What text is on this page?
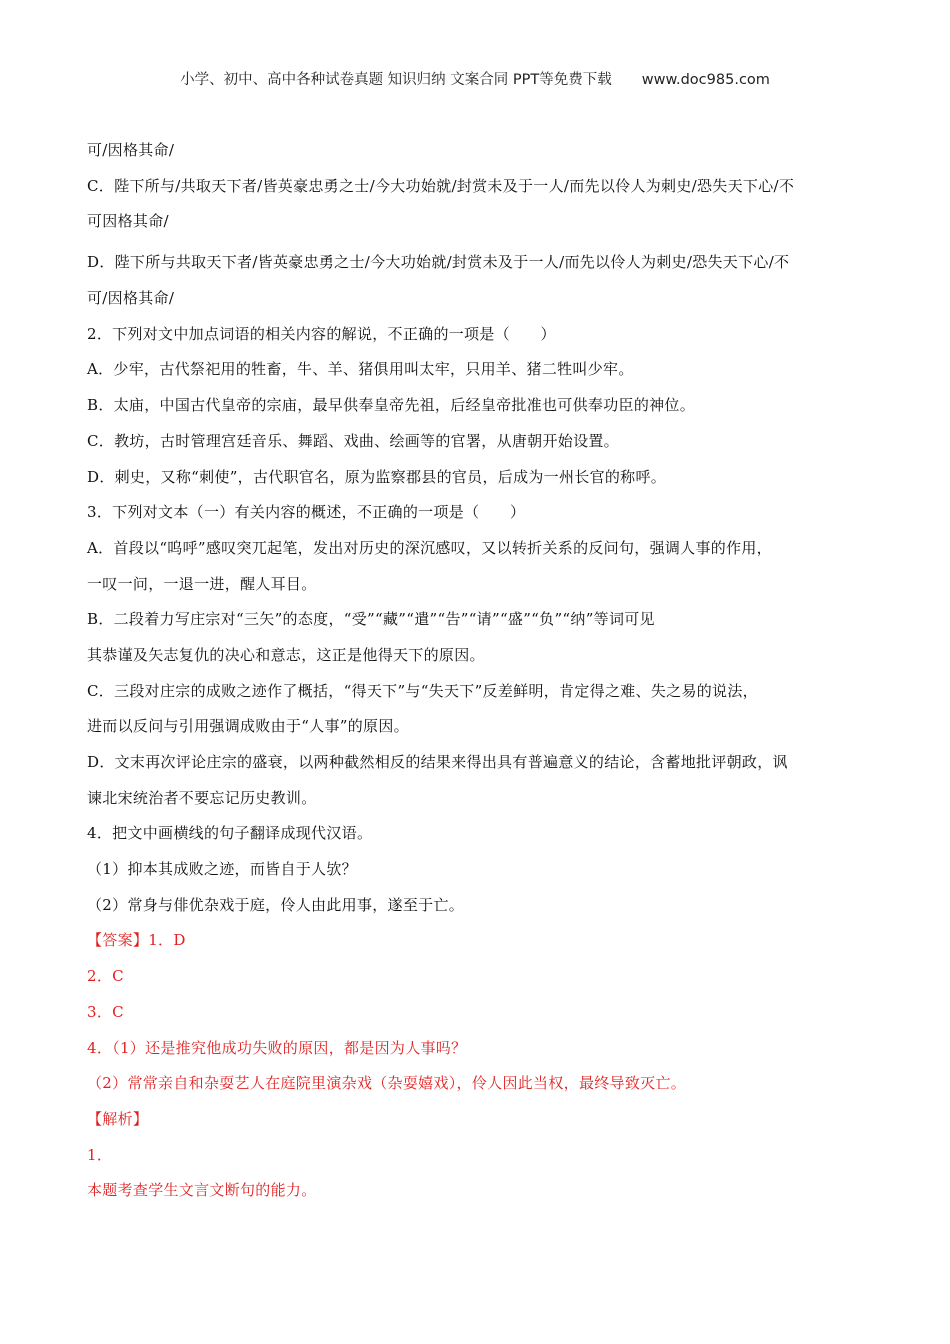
小学、初中、高中各种试卷真题 知识归纳 文案合同 PPT等免费下载 www.doc985.com
可/因格其命/
C．陛下所与/共取天下者/皆英豪忠勇之士/今大功始就/封赏未及于一人/而先以伶人为刺史/恐失天下心/不
可因格其命/
D．陛下所与共取天下者/皆英豪忠勇之士/今大功始就/封赏未及于一人/而先以伶人为刺史/恐失天下心/不
可/因格其命/
2．下列对文中加点词语的相关内容的解说，不正确的一项是（　　）
A．少牢，古代祭祀用的牲畜，牛、羊、猪俱用叫太牢，只用羊、猪二牲叫少牢。
B．太庙，中国古代皇帝的宗庙，最早供奉皇帝先祖，后经皇帝批准也可供奉功臣的神位。
C．教坊，古时管理宫廷音乐、舞蹈、戏曲、绘画等的官署，从唐朝开始设置。
D．刺史，又称“刺使”，古代职官名，原为监察郡县的官员，后成为一州长官的称呼。
3．下列对文本（一）有关内容的概述，不正确的一项是（　　）
A．首段以“呜呼”感叹突兀起笔，发出对历史的深沉感叹，又以转折关系的反问句，强调人事的作用，
一叹一问，一退一进，醒人耳目。
B．二段着力写庄宗对“三矢”的态度，“受”“藏”“遣”“告”“请”“盛”“负”“纳”等词可见
其恭谨及矢志复仇的决心和意志，这正是他得天下的原因。
C．三段对庄宗的成败之迹作了概括，“得天下”与“失天下”反差鲜明，肯定得之难、失之易的说法，
进而以反问与引用强调成败由于“人事”的原因。
D．文末再次评论庄宗的盛衰，以两种截然相反的结果来得出具有普遍意义的结论，含蓄地批评朝政，讽
谏北宋统治者不要忘记历史教训。
4．把文中画横线的句子翻译成现代汉语。
（1）抑本其成败之迹，而皆自于人欤？
（2）常身与俳优杂戏于庭，伶人由此用事，遂至于亡。
【答案】1．D
2．C
3．C
4．（1）还是推究他成功失败的原因，都是因为人事吗？
（2）常常亲自和杂耍艺人在庭院里演杂戏（杂耍嬉戏），伶人因此当权，最终导致灭亡。
【解析】
1．
本题考查学生文言文断句的能力。
